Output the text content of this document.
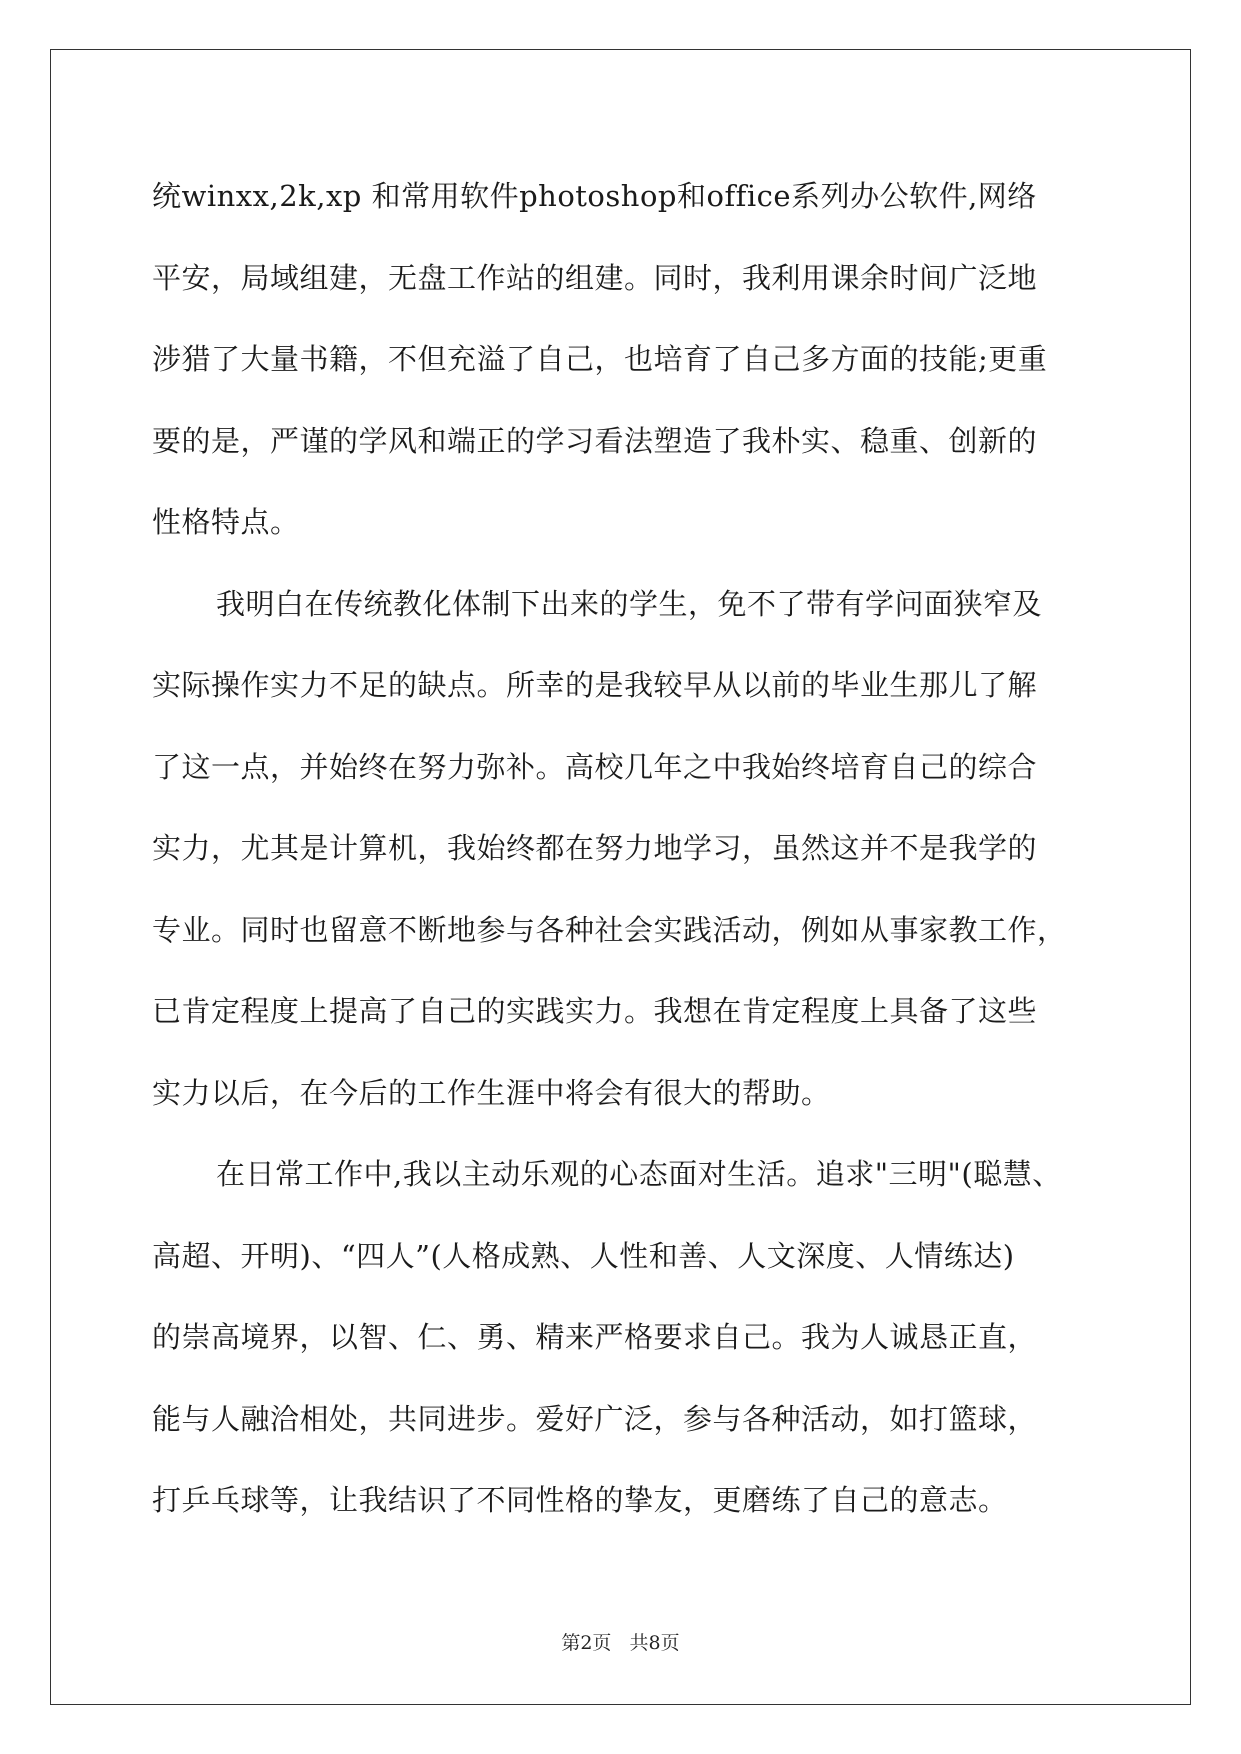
统winxx,2k,xp 和常用软件photoshop和office系列办公软件,网络
平安，局域组建，无盘工作站的组建。同时，我利用课余时间广泛地
涉猎了大量书籍，不但充溢了自己，也培育了自己多方面的技能;更重
要的是，严谨的学风和端正的学习看法塑造了我朴实、稳重、创新的
性格特点。
我明白在传统教化体制下出来的学生，免不了带有学问面狭窄及
实际操作实力不足的缺点。所幸的是我较早从以前的毕业生那儿了解
了这一点，并始终在努力弥补。高校几年之中我始终培育自己的综合
实力，尤其是计算机，我始终都在努力地学习，虽然这并不是我学的
专业。同时也留意不断地参与各种社会实践活动，例如从事家教工作，
已肯定程度上提高了自己的实践实力。我想在肯定程度上具备了这些
实力以后，在今后的工作生涯中将会有很大的帮助。
在日常工作中,我以主动乐观的心态面对生活。追求"三明"(聪慧、
高超、开明)、“四人”(人格成熟、人性和善、人文深度、人情练达)
的崇高境界，以智、仁、勇、精来严格要求自己。我为人诚恳正直，
能与人融洽相处，共同进步。爱好广泛，参与各种活动，如打篮球，
打乒乓球等，让我结识了不同性格的挚友，更磨练了自己的意志。
第2页   共8页
